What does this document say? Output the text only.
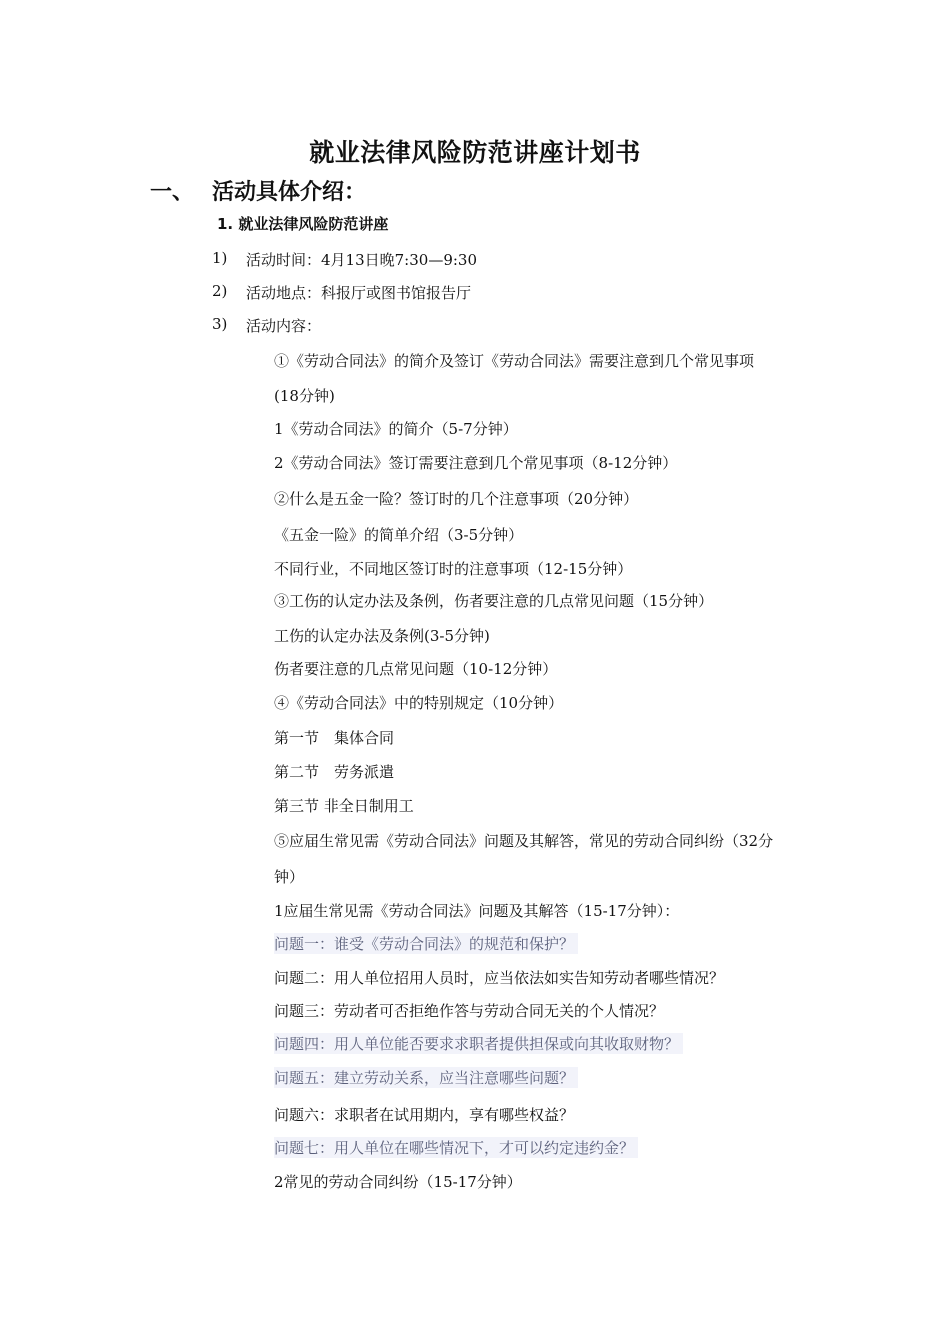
就业法律风险防范讲座计划书
一、 活动具体介绍：
1. 就业法律风险防范讲座
1) 活动时间：4月13日晚7:30—9:30
2) 活动地点：科报厅或图书馆报告厅
3) 活动内容：
①《劳动合同法》的简介及签订《劳动合同法》需要注意到几个常见事项
(18分钟)
1《劳动合同法》的简介（5-7分钟）
2《劳动合同法》签订需要注意到几个常见事项（8-12分钟）
②什么是五金一险？签订时的几个注意事项（20分钟）
《五金一险》的简单介绍（3-5分钟）
不同行业，不同地区签订时的注意事项（12-15分钟）
③工伤的认定办法及条例，伤者要注意的几点常见问题（15分钟）
工伤的认定办法及条例(3-5分钟)
伤者要注意的几点常见问题（10-12分钟）
④《劳动合同法》中的特别规定（10分钟）
第一节　集体合同
第二节　劳务派遣
第三节 非全日制用工
⑤应届生常见需《劳动合同法》问题及其解答，常见的劳动合同纠纷（32分
钟）
1应届生常见需《劳动合同法》问题及其解答（15-17分钟）：
问题一：谁受《劳动合同法》的规范和保护？
问题二：用人单位招用人员时，应当依法如实告知劳动者哪些情况？
问题三：劳动者可否拒绝作答与劳动合同无关的个人情况？
问题四：用人单位能否要求求职者提供担保或向其收取财物？
问题五：建立劳动关系，应当注意哪些问题？
问题六：求职者在试用期内，享有哪些权益？
问题七：用人单位在哪些情况下，才可以约定违约金？
2常见的劳动合同纠纷（15-17分钟）
